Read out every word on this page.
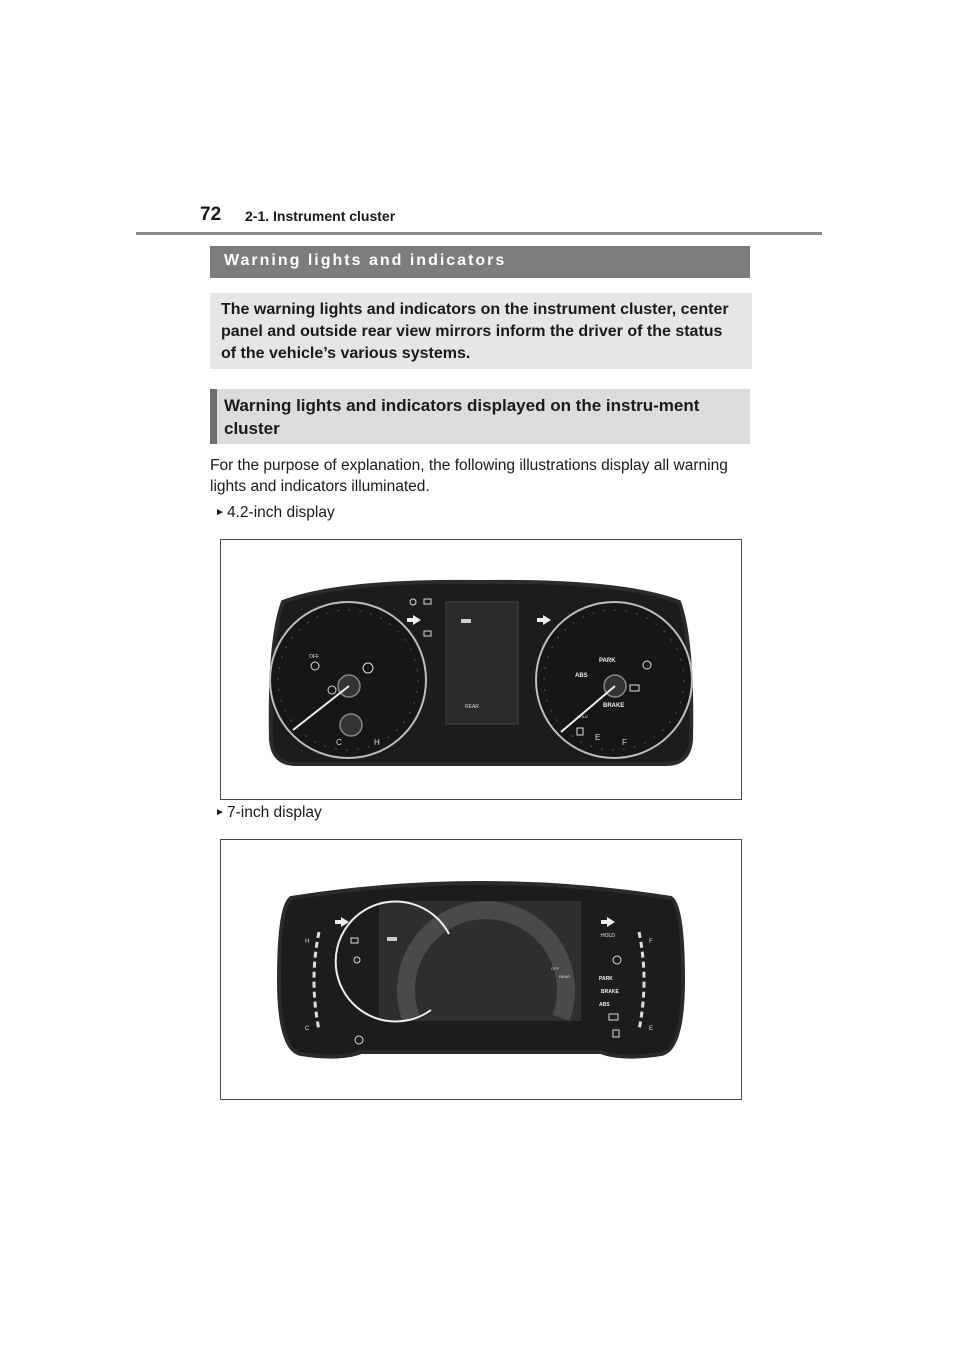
72 2-1. Instrument cluster
Warning lights and indicators

The warning lights and indicators on the instrument cluster, center panel and outside rear view mirrors inform the driver of the status of the vehicle’s various systems.

Warning lights and indicators displayed on the instru-ment cluster

For the purpose of explanation, the following illustrations display all warning lights and indicators illuminated.

► 4.2-inch display
C	H
OFF
REAR
PARK
ABS
BRAKE
HOLD
E
F
► 7-inch display
REAR
OFF
H
C
F
E
HOLD
PARK
BRAKE
ABS
